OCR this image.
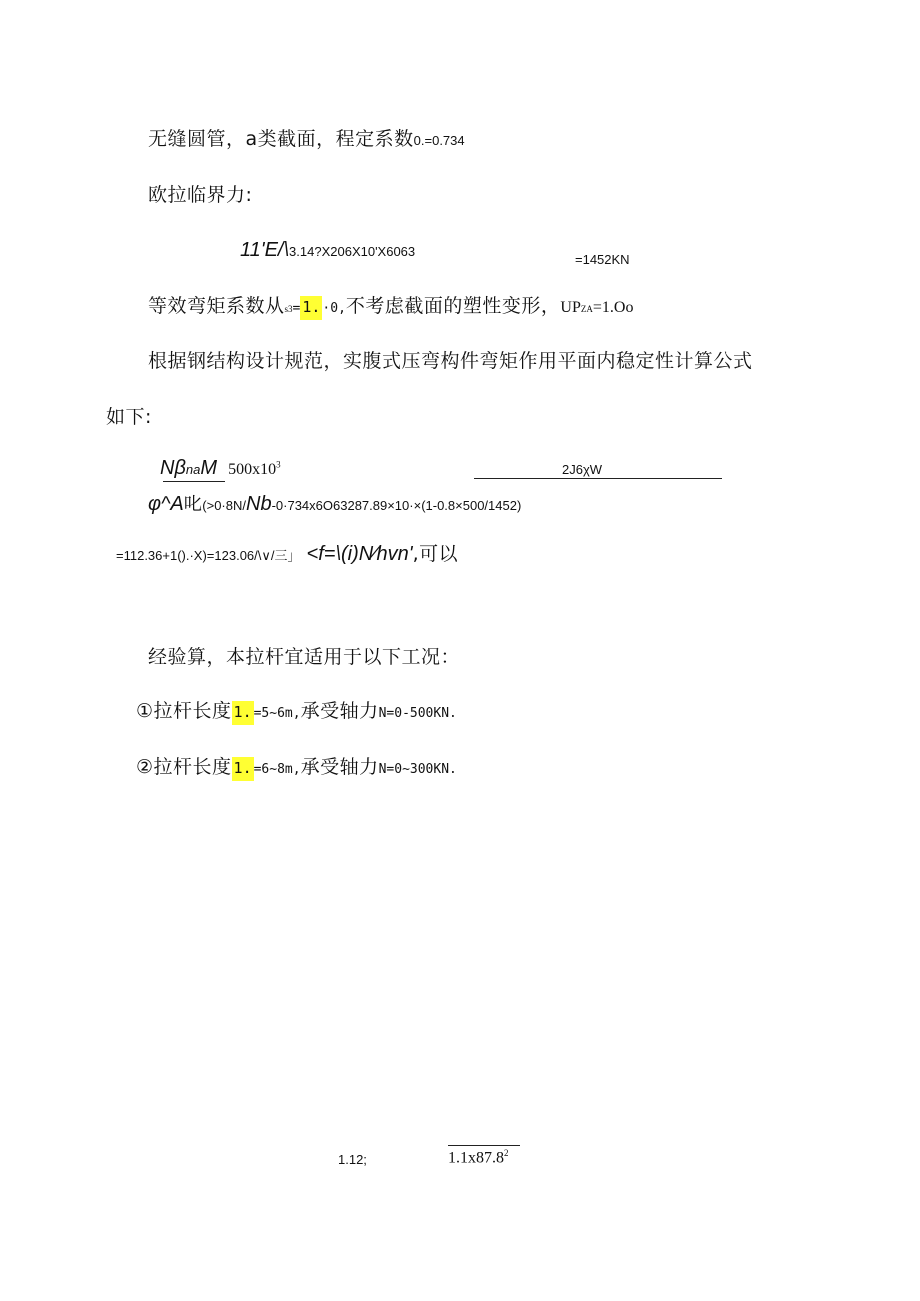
无缝圆管，a类截面，程定系数0.=0.734
欧拉临界力:
11'E/\3.14?X206X10'X6063
=1452KN
等效弯矩系数从s3= 1. ·0,不考虑截面的塑性变形，UPZA=1.Oo
根据钢结构设计规范，实腹式压弯构件弯矩作用平面内稳定性计算公式
如下:
NβnaM $500x10^3$	2J6χW
φ^A叱(>0·8N/Nb-0·734x6O63287.89×10·×(1-0.8×500/1452)
=112.36+1().·X)=123.06/\∨/三」 <f=\(i)N∕hvn',可以
经验算，本拉杆宜适用于以下工况：
①拉杆长度 1. =5~6m,承受轴力N=0-500KN.
②拉杆长度 1. =6~8m,承受轴力N=0~300KN.
1.12;	1.1x87.8$^2$
